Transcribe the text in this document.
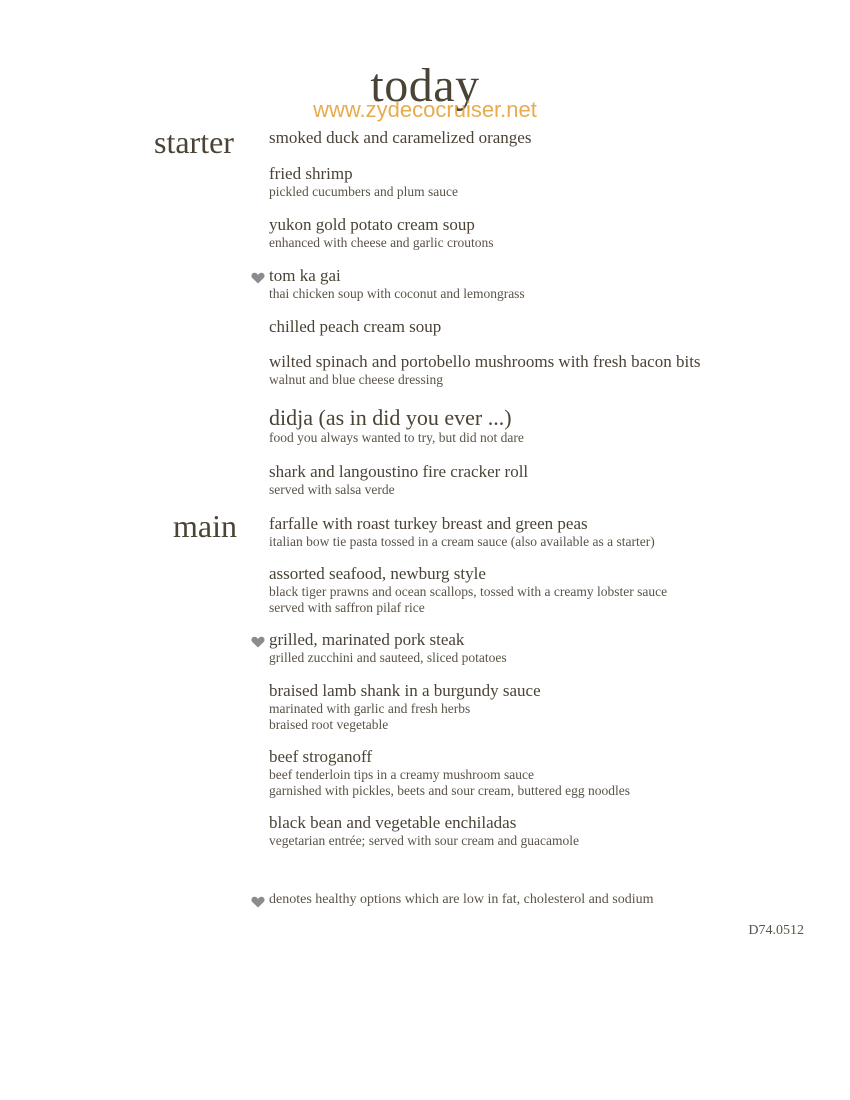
today
www.zydecocruiser.net
starter
main
smoked duck and caramelized oranges
fried shrimp
pickled cucumbers and plum sauce
yukon gold potato cream soup
enhanced with cheese and garlic croutons
tom ka gai
thai chicken soup with coconut and lemongrass
chilled peach cream soup
wilted spinach and portobello mushrooms with fresh bacon bits
walnut and blue cheese dressing
didja (as in did you ever ...)
food you always wanted to try, but did not dare
shark and langoustino fire cracker roll
served with salsa verde
farfalle with roast turkey breast and green peas
italian bow tie pasta tossed in a cream sauce (also available as a starter)
assorted seafood, newburg style
black tiger prawns and ocean scallops, tossed with a creamy lobster sauce
served with saffron pilaf rice
grilled, marinated pork steak
grilled zucchini and sauteed, sliced potatoes
braised lamb shank in a burgundy sauce
marinated with garlic and fresh herbs
braised root vegetable
beef stroganoff
beef tenderloin tips in a creamy mushroom sauce
garnished with pickles, beets and sour cream, buttered egg noodles
black bean and vegetable enchiladas
vegetarian entrée; served with sour cream and guacamole
denotes healthy options which are low in fat, cholesterol and sodium
D74.0512
